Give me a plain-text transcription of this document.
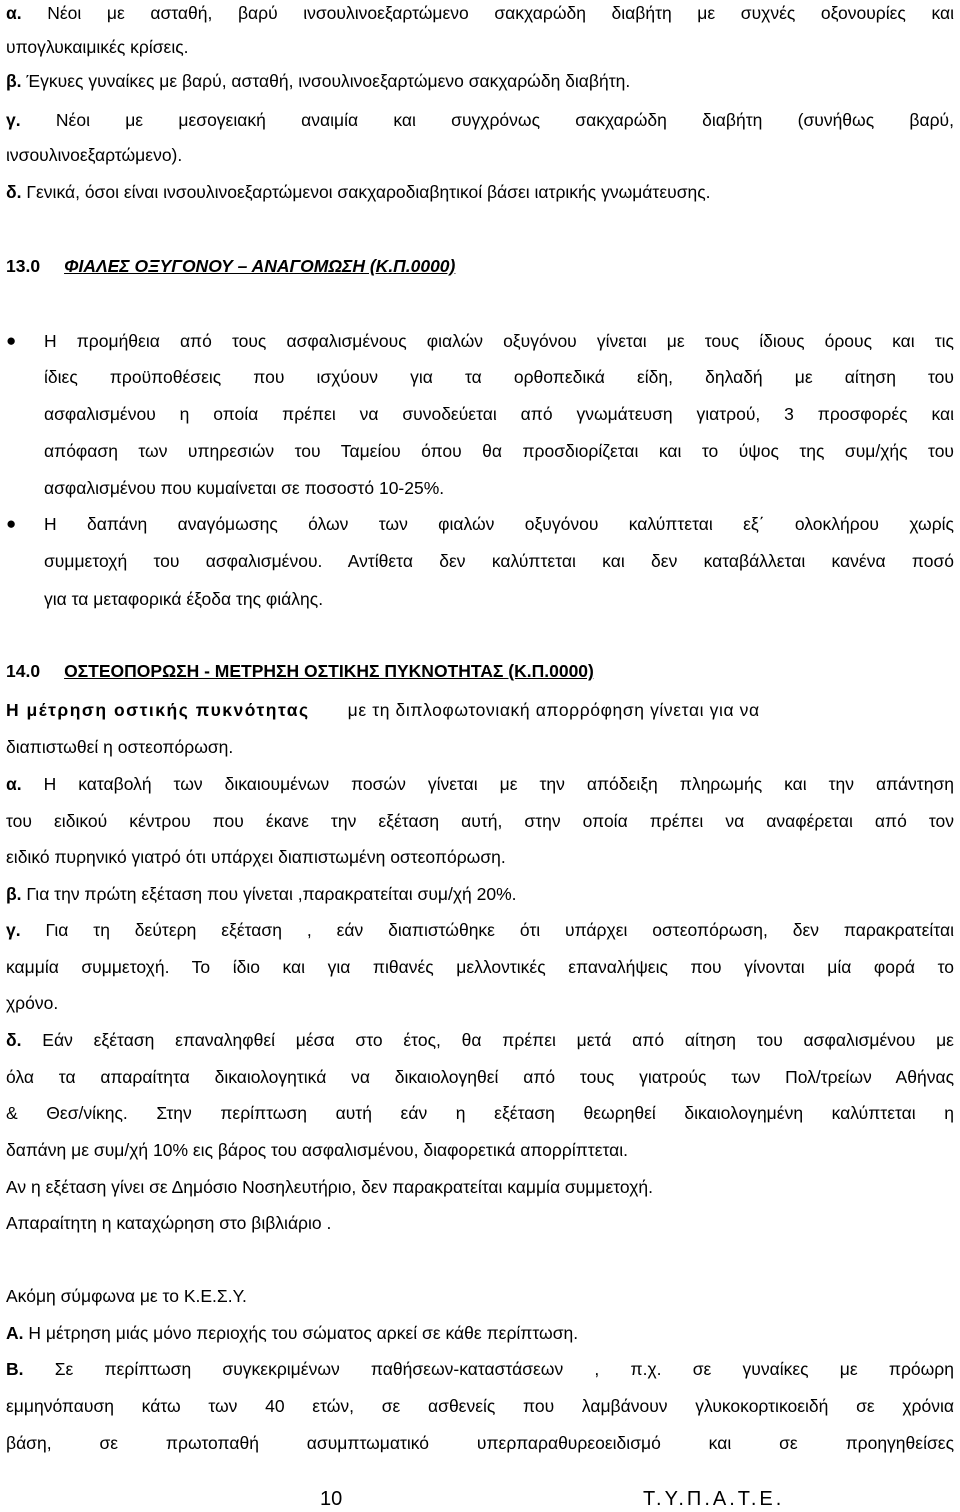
α. Νέοι με ασταθή, βαρύ ινσουλινοεξαρτώμενο σακχαρώδη διαβήτη με συχνές οξονουρίες και
υπογλυκαιμικές κρίσεις.
β. Έγκυες γυναίκες με βαρύ, ασταθή, ινσουλινοεξαρτώμενο σακχαρώδη διαβήτη.
γ. Νέοι με μεσογειακή αναιμία και συγχρόνως σακχαρώδη διαβήτη (συνήθως βαρύ,
ινσουλινοεξαρτώμενο).
δ. Γενικά, όσοι είναι ινσουλινοεξαρτώμενοι σακχαροδιαβητικοί βάσει ιατρικής γνωμάτευσης.
13.0 ΦΙΑΛΕΣ ΟΞΥΓΟΝΟΥ – ΑΝΑΓΟΜΩΣΗ (Κ.Π.0000)
● Η προμήθεια από τους ασφαλισμένους φιαλών οξυγόνου γίνεται με τους ίδιους όρους και τις
ίδιες προϋποθέσεις που ισχύουν για τα ορθοπεδικά είδη, δηλαδή με αίτηση του
ασφαλισμένου η οποία πρέπει να συνοδεύεται από γνωμάτευση γιατρού, 3 προσφορές και
απόφαση των υπηρεσιών του Ταμείου όπου θα προσδιορίζεται και το ύψος της συμ/χής του
ασφαλισμένου που κυμαίνεται σε ποσοστό 10-25%.
● Η δαπάνη αναγόμωσης όλων των φιαλών οξυγόνου καλύπτεται εξ΄ ολοκλήρου χωρίς
συμμετοχή του ασφαλισμένου. Αντίθετα δεν καλύπτεται και δεν καταβάλλεται κανένα ποσό
για τα μεταφορικά έξοδα της φιάλης.
14.0 ΟΣΤΕΟΠΟΡΩΣΗ - ΜΕΤΡΗΣΗ ΟΣΤΙΚΗΣ ΠΥΚΝΟΤΗΤΑΣ (Κ.Π.0000)
Η μέτρηση οστικής πυκνότητας με τη διπλοφωτονιακή απορρόφηση γίνεται για να
διαπιστωθεί η οστεοπόρωση.
α. Η καταβολή των δικαιουμένων ποσών γίνεται με την απόδειξη πληρωμής και την απάντηση
του ειδικού κέντρου που έκανε την εξέταση αυτή, στην οποία πρέπει να αναφέρεται από τον
ειδικό πυρηνικό γιατρό ότι υπάρχει διαπιστωμένη οστεοπόρωση.
β. Για την πρώτη εξέταση που γίνεται ,παρακρατείται συμ/χή 20%.
γ. Για τη δεύτερη εξέταση , εάν διαπιστώθηκε ότι υπάρχει οστεοπόρωση, δεν παρακρατείται
καμμία συμμετοχή. Το ίδιο και για πιθανές μελλοντικές επαναλήψεις που γίνονται μία φορά το
χρόνο.
δ. Εάν εξέταση επαναληφθεί μέσα στο έτος, θα πρέπει μετά από αίτηση του ασφαλισμένου με
όλα τα απαραίτητα δικαιολογητικά να δικαιολογηθεί από τους γιατρούς των Πολ/τρείων Αθήνας
& Θεσ/νίκης. Στην περίπτωση αυτή εάν η εξέταση θεωρηθεί δικαιολογημένη καλύπτεται η
δαπάνη με συμ/χή 10% εις βάρος του ασφαλισμένου, διαφορετικά απορρίπτεται.
Αν η εξέταση γίνει σε Δημόσιο Νοσηλευτήριο, δεν παρακρατείται καμμία συμμετοχή.
Απαραίτητη η καταχώρηση στο βιβλιάριο .
Ακόμη σύμφωνα με το Κ.Ε.Σ.Υ.
Α. Η μέτρηση μιάς μόνο περιοχής του σώματος αρκεί σε κάθε περίπτωση.
Β. Σε περίπτωση συγκεκριμένων παθήσεων-καταστάσεων , π.χ. σε γυναίκες με πρόωρη
εμμηνόπαυση κάτω των 40 ετών, σε ασθενείς που λαμβάνουν γλυκοκορτικοειδή σε χρόνια
βάση, σε πρωτοπαθή ασυμπτωματικό υπερπαραθυρεοειδισμό και σε προηγηθείσες
10	Τ.Υ.Π.Α.Τ.Ε.
